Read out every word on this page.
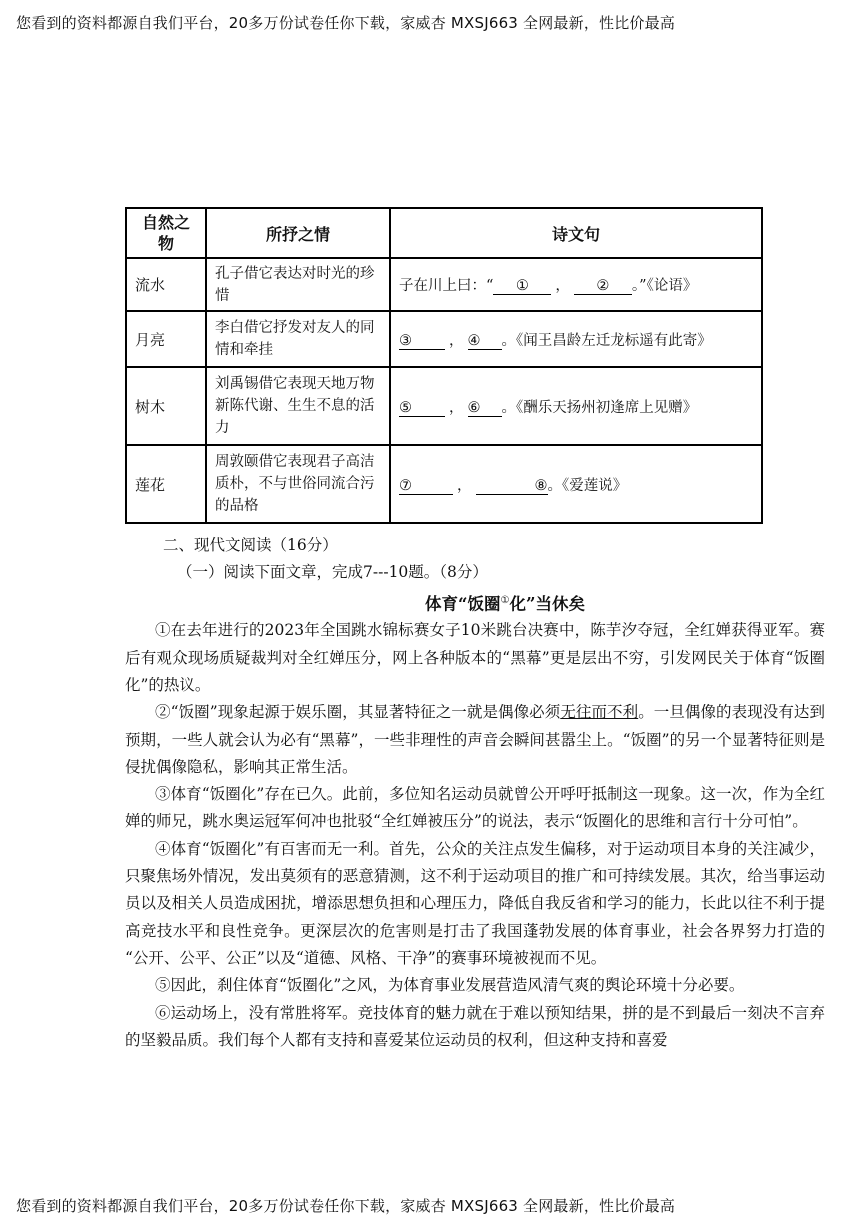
您看到的资料都源自我们平台，20多万份试卷任你下载，家威杏 MXSJ663 全网最新，性比价最高
自然之物	所抒之情	诗文句
流水	孔子借它表达对时光的珍惜	子在川上曰：“ ① ， ② 。”《论语》
月亮	李白借它抒发对友人的同情和牵挂	③ ， ④ 。《闻王昌龄左迁龙标遥有此寄》
树木	刘禹锡借它表现天地万物新陈代谢、生生不息的活力	⑤ ， ⑥ 。《酬乐天扬州初逢席上见赠》
莲花	周敦颐借它表现君子高洁质朴，不与世俗同流合污的品格	⑦ ， ⑧。《爱莲说》

二、现代文阅读（16分）

（一）阅读下面文章，完成7---10题。（8分）

体育“饭圈①化”当休矣

①在去年进行的2023年全国跳水锦标赛女子10米跳台决赛中，陈芋汐夺冠，全红婵获得亚军。赛后有观众现场质疑裁判对全红婵压分，网上各种版本的“黑幕”更是层出不穷，引发网民关于体育“饭圈化”的热议。

②“饭圈”现象起源于娱乐圈，其显著特征之一就是偶像必须无往而不利。一旦偶像的表现没有达到预期，一些人就会认为必有“黑幕”，一些非理性的声音会瞬间甚嚣尘上。“饭圈”的另一个显著特征则是侵扰偶像隐私，影响其正常生活。

③体育“饭圈化”存在已久。此前，多位知名运动员就曾公开呼吁抵制这一现象。这一次，作为全红婵的师兄，跳水奥运冠军何冲也批驳“全红婵被压分”的说法，表示“饭圈化的思维和言行十分可怕”。

④体育“饭圈化”有百害而无一利。首先，公众的关注点发生偏移，对于运动项目本身的关注减少，只聚焦场外情况，发出莫须有的恶意猜测，这不利于运动项目的推广和可持续发展。其次，给当事运动员以及相关人员造成困扰，增添思想负担和心理压力，降低自我反省和学习的能力，长此以往不利于提高竞技水平和良性竞争。更深层次的危害则是打击了我国蓬勃发展的体育事业，社会各界努力打造的 “公开、公平、公正”以及“道德、风格、干净”的赛事环境被视而不见。

⑤因此，刹住体育“饭圈化”之风，为体育事业发展营造风清气爽的舆论环境十分必要。

⑥运动场上，没有常胜将军。竞技体育的魅力就在于难以预知结果，拼的是不到最后一刻决不言弃的坚毅品质。我们每个人都有支持和喜爱某位运动员的权利，但这种支持和喜爱

您看到的资料都源自我们平台，20多万份试卷任你下载，家威杏 MXSJ663 全网最新，性比价最高
